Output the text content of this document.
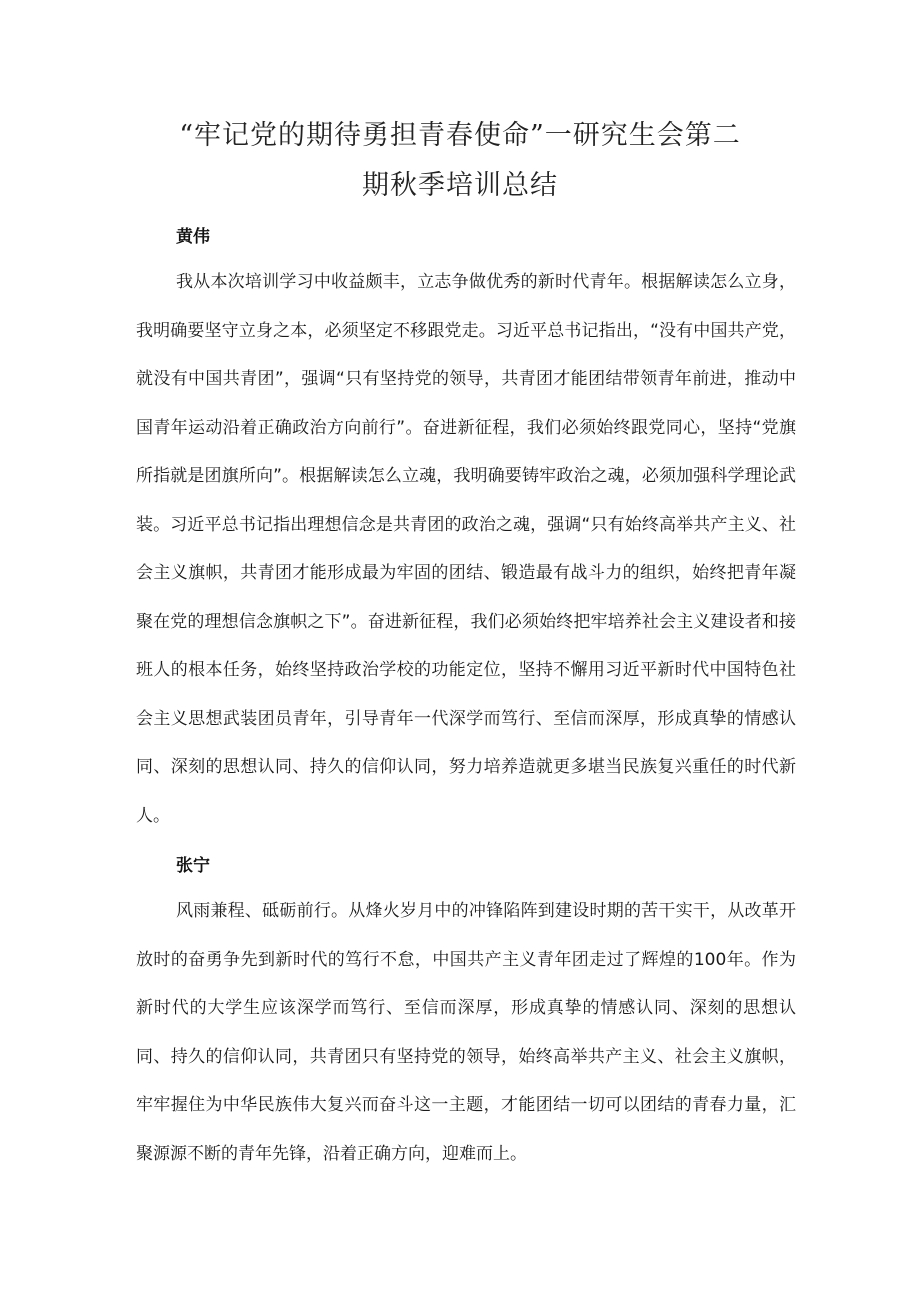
“牢记党的期待勇担青春使命”一研究生会第二
期秋季培训总结
黄伟

我从本次培训学习中收益颇丰，立志争做优秀的新时代青年。根据解读怎么立身，我明确要坚守立身之本，必须坚定不移跟党走。习近平总书记指出，“没有中国共产党，就没有中国共青团”，强调“只有坚持党的领导，共青团才能团结带领青年前进，推动中国青年运动沿着正确政治方向前行”。奋进新征程，我们必须始终跟党同心，坚持“党旗所指就是团旗所向”。根据解读怎么立魂，我明确要铸牢政治之魂，必须加强科学理论武装。习近平总书记指出理想信念是共青团的政治之魂，强调“只有始终高举共产主义、社会主义旗帜，共青团才能形成最为牢固的团结、锻造最有战斗力的组织，始终把青年凝聚在党的理想信念旗帜之下”。奋进新征程，我们必须始终把牢培养社会主义建设者和接班人的根本任务，始终坚持政治学校的功能定位，坚持不懈用习近平新时代中国特色社会主义思想武装团员青年，引导青年一代深学而笃行、至信而深厚，形成真挚的情感认同、深刻的思想认同、持久的信仰认同，努力培养造就更多堪当民族复兴重任的时代新人。

张宁

风雨兼程、砥砺前行。从烽火岁月中的冲锋陷阵到建设时期的苦干实干，从改革开放时的奋勇争先到新时代的笃行不怠，中国共产主义青年团走过了辉煌的100年。作为新时代的大学生应该深学而笃行、至信而深厚，形成真挚的情感认同、深刻的思想认同、持久的信仰认同，共青团只有坚持党的领导，始终高举共产主义、社会主义旗帜，牢牢握住为中华民族伟大复兴而奋斗这一主题，才能团结一切可以团结的青春力量，汇聚源源不断的青年先锋，沿着正确方向，迎难而上。
